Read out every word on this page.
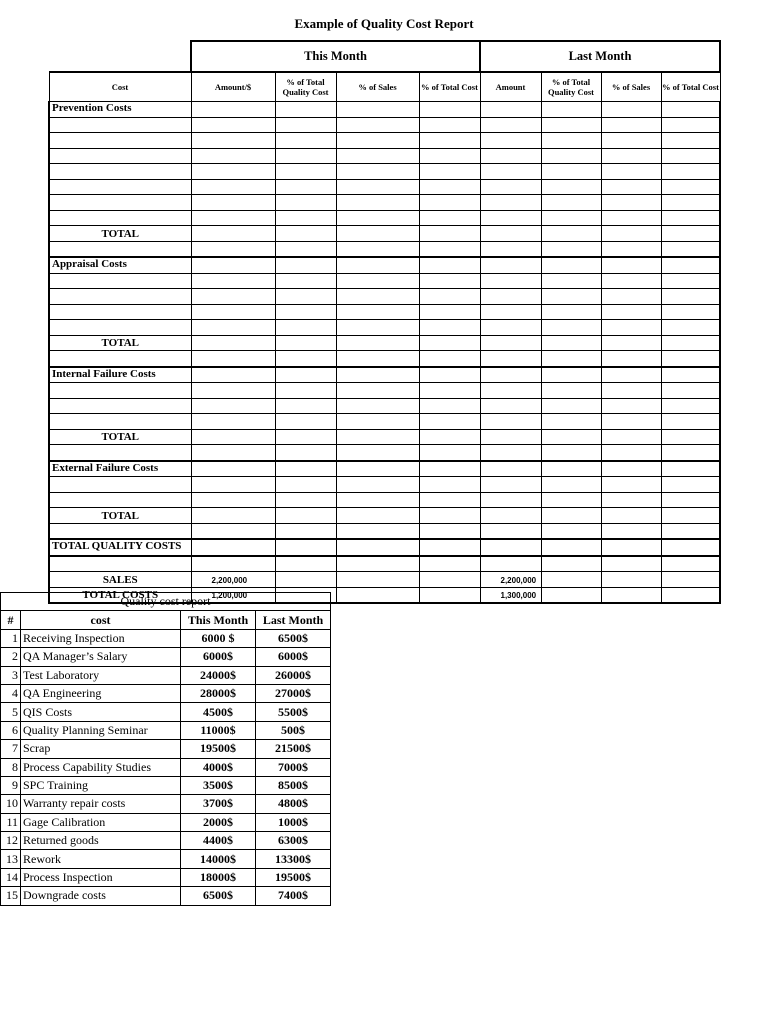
Example of Quality Cost Report
	This Month				Last Month			
Cost	Amount/$	% of Total Quality Cost	% of Sales	% of Total Cost	Amount	% of Total Quality Cost	% of Sales	% of Total Cost
Prevention Costs								

TOTAL								

Appraisal Costs								

TOTAL								

Internal Failure Costs								

TOTAL								

External Failure Costs								

TOTAL								

TOTAL QUALITY COSTS								

SALES	2,200,000				2,200,000			
TOTAL COSTS	1,200,000				1,300,000			
Quality cost report			
#	cost	This Month	Last Month
1	Receiving Inspection	6000 $	6500$
2	QA Manager’s Salary	6000$	6000$
3	Test Laboratory	24000$	26000$
4	QA Engineering	28000$	27000$
5	QIS Costs	4500$	5500$
6	Quality Planning Seminar	11000$	500$
7	Scrap	19500$	21500$
8	Process Capability Studies	4000$	7000$
9	SPC Training	3500$	8500$
10	Warranty repair costs	3700$	4800$
11	Gage Calibration	2000$	1000$
12	Returned goods	4400$	6300$
13	Rework	14000$	13300$
14	Process Inspection	18000$	19500$
15	Downgrade costs	6500$	7400$
